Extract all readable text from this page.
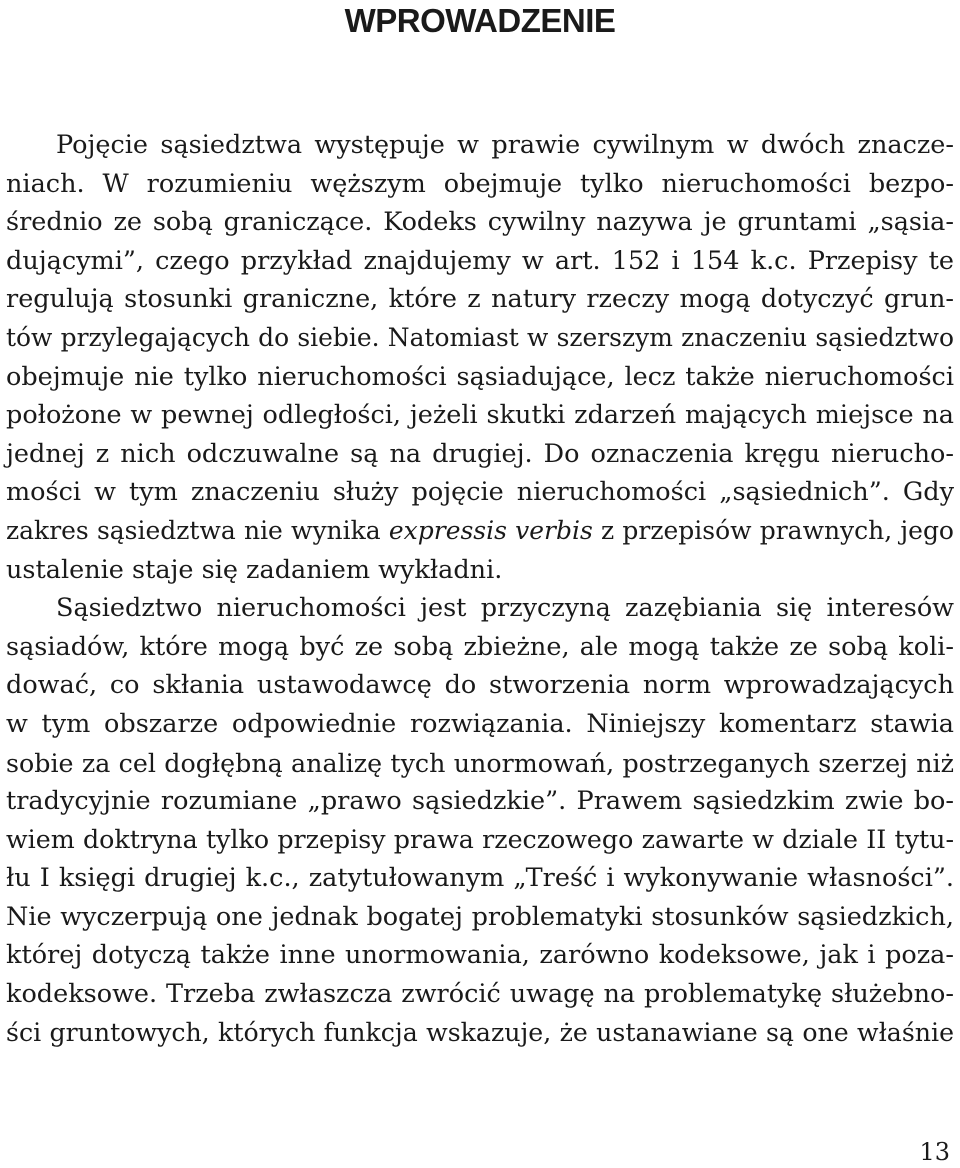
WPROWADZENIE
Pojęcie sąsiedztwa występuje w prawie cywilnym w dwóch znacze-
niach. W rozumieniu węższym obejmuje tylko nieruchomości bezpo-
średnio ze sobą graniczące. Kodeks cywilny nazywa je gruntami „sąsia-
dującymi”, czego przykład znajdujemy w art. 152 i 154 k.c. Przepisy te
regulują stosunki graniczne, które z natury rzeczy mogą dotyczyć grun-
tów przylegających do siebie. Natomiast w szerszym znaczeniu sąsiedztwo
obejmuje nie tylko nieruchomości sąsiadujące, lecz także nieruchomości
położone w pewnej odległości, jeżeli skutki zdarzeń mających miejsce na
jednej z nich odczuwalne są na drugiej. Do oznaczenia kręgu nierucho-
mości w tym znaczeniu służy pojęcie nieruchomości „sąsiednich”. Gdy
zakres sąsiedztwa nie wynika expressis verbis z przepisów prawnych, jego
ustalenie staje się zadaniem wykładni.
Sąsiedztwo nieruchomości jest przyczyną zazębiania się interesów
sąsiadów, które mogą być ze sobą zbieżne, ale mogą także ze sobą koli-
dować, co skłania ustawodawcę do stworzenia norm wprowadzających
w tym obszarze odpowiednie rozwiązania. Niniejszy komentarz stawia
sobie za cel dogłębną analizę tych unormowań, postrzeganych szerzej niż
tradycyjnie rozumiane „prawo sąsiedzkie”. Prawem sąsiedzkim zwie bo-
wiem doktryna tylko przepisy prawa rzeczowego zawarte w dziale II tytu-
łu I księgi drugiej k.c., zatytułowanym „Treść i wykonywanie własności”.
Nie wyczerpują one jednak bogatej problematyki stosunków sąsiedzkich,
której dotyczą także inne unormowania, zarówno kodeksowe, jak i poza-
kodeksowe. Trzeba zwłaszcza zwrócić uwagę na problematykę służebno-
ści gruntowych, których funkcja wskazuje, że ustanawiane są one właśnie
13
